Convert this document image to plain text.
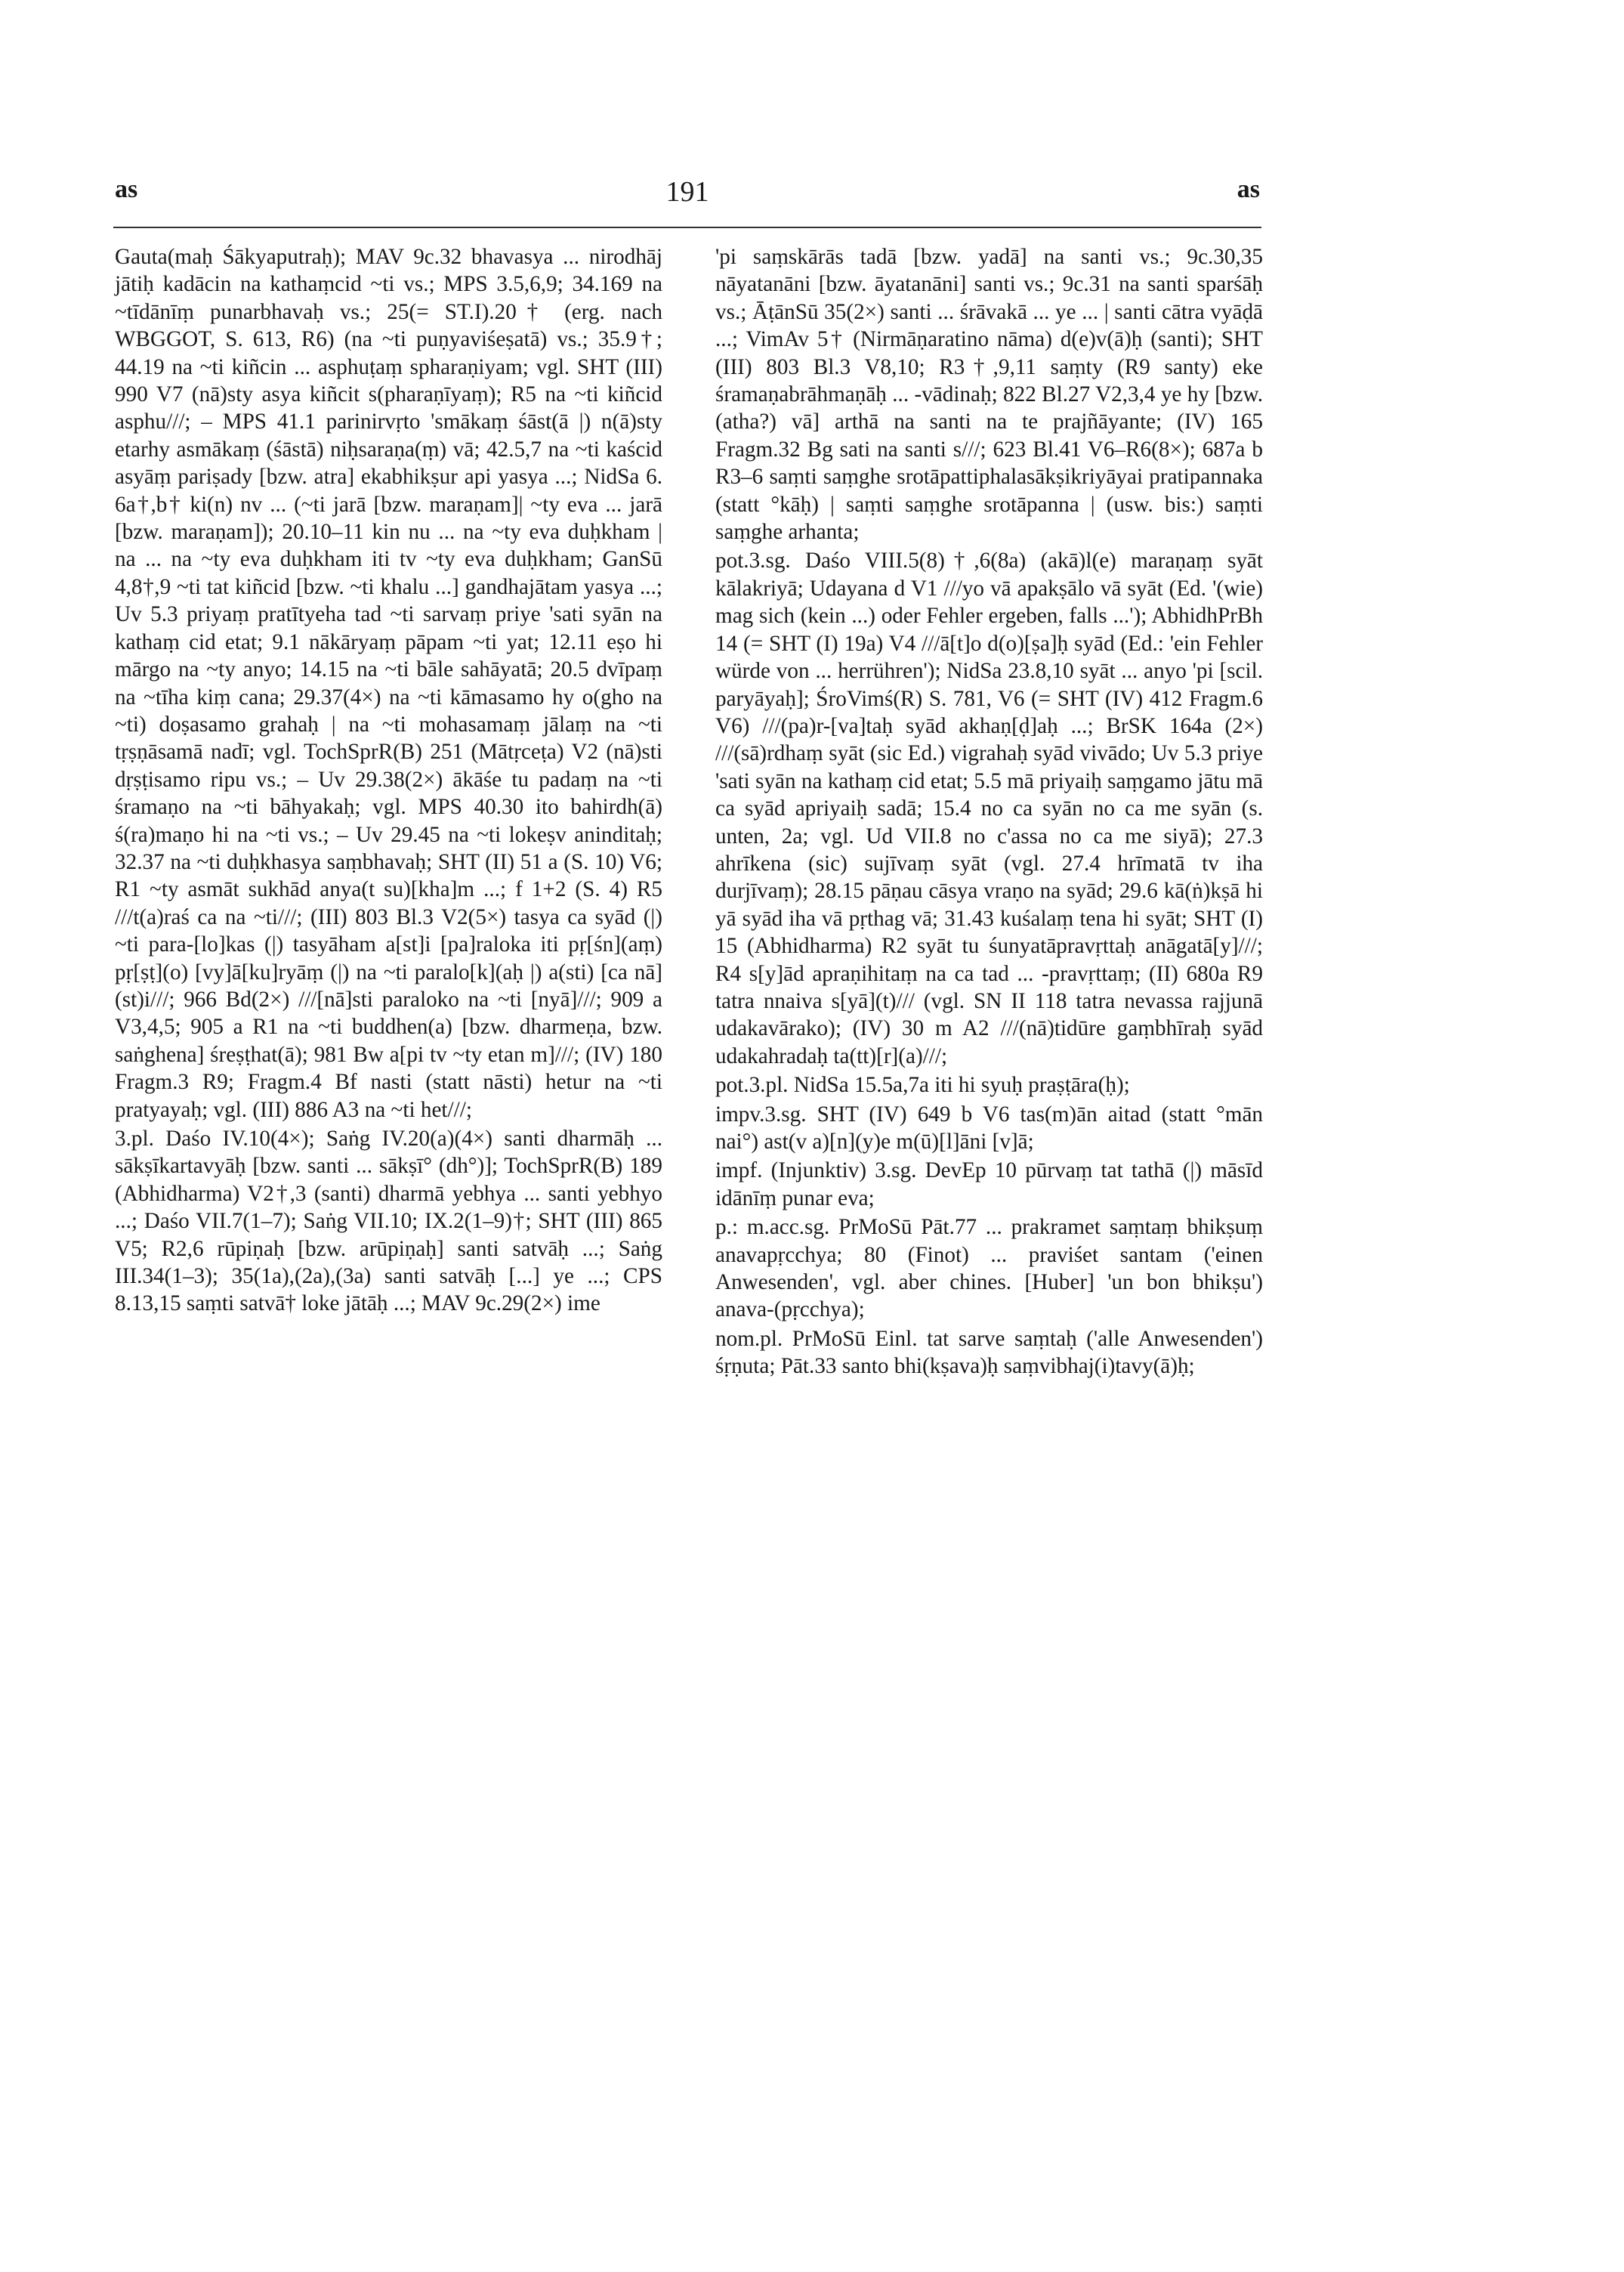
as	191	as

Gauta(maḥ Śākyaputraḥ); MAV 9c.32 bhavasya ... nirodhāj jātiḥ kadācin na kathaṃcid ~ti vs.; MPS 3.5,6,9; 34.169 na ~tīdānīṃ punarbhavaḥ vs.; 25(= ST.I).20† (erg. nach WBGGOT, S. 613, R6) (na ~ti puṇyaviśeṣatā) vs.; 35.9†; 44.19 na ~ti kiñcin ... asphuṭaṃ spharaṇiyam; vgl. SHT (III) 990 V7 (nā)sty asya kiñcit s(pharaṇīyaṃ); R5 na ~ti kiñcid asphu///; – MPS 41.1 parinirvṛto 'smākaṃ śāst(ā |) n(ā)sty etarhy asmākaṃ (śāstā) niḥsaraṇa(ṃ) vā; 42.5,7 na ~ti kaścid asyāṃ pariṣady [bzw. atra] ekabhikṣur api yasya ...; NidSa 6. 6a†,b† ki(n) nv ... (~ti jarā [bzw. maraṇam]| ~ty eva ... jarā [bzw. maraṇam]); 20.10–11 kin nu ... na ~ty eva duḥkham | na ... na ~ty eva duḥkham iti tv ~ty eva duḥkham; GanSū 4,8†,9 ~ti tat kiñcid [bzw. ~ti khalu ...] gandhajātam yasya ...; Uv 5.3 priyaṃ pratītyeha tad ~ti sarvaṃ priye 'sati syān na kathaṃ cid etat; 9.1 nākāryaṃ pāpam ~ti yat; 12.11 eṣo hi mārgo na ~ty anyo; 14.15 na ~ti bāle sahāyatā; 20.5 dvīpaṃ na ~tīha kiṃ cana; 29.37(4×) na ~ti kāmasamo hy o(gho na ~ti) doṣasamo grahaḥ | na ~ti mohasamaṃ jālaṃ na ~ti tṛṣṇāsamā nadī; vgl. TochSprR(B) 251 (Mātṛceṭa) V2 (nā)sti dṛṣṭisamo ripu vs.; – Uv 29.38(2×) ākāśe tu padaṃ na ~ti śramaṇo na ~ti bāhyakaḥ; vgl. MPS 40.30 ito bahirdh(ā) ś(ra)maṇo hi na ~ti vs.; – Uv 29.45 na ~ti lokeṣv aninditaḥ; 32.37 na ~ti duḥkhasya saṃbhavaḥ; SHT (II) 51 a (S. 10) V6; R1 ~ty asmāt sukhād anya(t su)[kha]m ...; f 1+2 (S. 4) R5 ///t(a)raś ca na ~ti///; (III) 803 Bl.3 V2(5×) tasya ca syād (|) ~ti para-[lo]kas (|) tasyāham a[st]i [pa]raloka iti pṛ[śn](aṃ) pṛ[ṣṭ](o) [vy]ā[ku]ryāṃ (|) na ~ti paralo[k](aḥ |) a(sti) [ca nā](st)i///; 966 Bd(2×) ///[nā]sti paraloko na ~ti [nyā]///; 909 a V3,4,5; 905 a R1 na ~ti buddhen(a) [bzw. dharmeṇa, bzw. saṅghena] śreṣṭhat(ā); 981 Bw a[pi tv ~ty etan m]///; (IV) 180 Fragm.3 R9; Fragm.4 Bf nasti (statt nāsti) hetur na ~ti pratyayaḥ; vgl. (III) 886 A3 na ~ti het///;

3.pl. Daśo IV.10(4×); Saṅg IV.20(a)(4×) santi dharmāḥ ... sākṣīkartavyāḥ [bzw. santi ... sākṣī° (dh°)]; TochSprR(B) 189 (Abhidharma) V2†,3 (santi) dharmā yebhya ... santi yebhyo ...; Daśo VII.7(1–7); Saṅg VII.10; IX.2(1–9)†; SHT (III) 865 V5; R2,6 rūpiṇaḥ [bzw. arūpiṇaḥ] santi satvāḥ ...; Saṅg III.34(1–3); 35(1a),(2a),(3a) santi satvāḥ [...] ye ...; CPS 8.13,15 saṃti satvā† loke jātāḥ ...; MAV 9c.29(2×) ime

'pi saṃskārās tadā [bzw. yadā] na santi vs.; 9c.30,35 nāyatanāni [bzw. āyatanāni] santi vs.; 9c.31 na santi sparśāḥ vs.; ĀṭānSū 35(2×) santi ... śrāvakā ... ye ... | santi cātra vyāḍā ...; VimAv 5† (Nirmāṇaratino nāma) d(e)v(ā)ḥ (santi); SHT (III) 803 Bl.3 V8,10; R3†,9,11 saṃty (R9 santy) eke śramaṇabrāhmaṇāḥ ... -vādinaḥ; 822 Bl.27 V2,3,4 ye hy [bzw. (atha?) vā] arthā na santi na te prajñāyante; (IV) 165 Fragm.32 Bg sati na santi s///; 623 Bl.41 V6–R6(8×); 687a b R3–6 saṃti saṃghe srotāpattiphalasākṣikriyāyai pratipannaka (statt °kāḥ) | saṃti saṃghe srotāpanna | (usw. bis:) saṃti saṃghe arhanta;

pot.3.sg. Daśo VIII.5(8)†,6(8a) (akā)l(e) maraṇaṃ syāt kālakriyā; Udayana d V1 ///yo vā apakṣālo vā syāt (Ed. '(wie) mag sich (kein ...) oder Fehler ergeben, falls ...'); AbhidhPrBh 14 (= SHT (I) 19a) V4 ///ā[t]o d(o)[ṣa]ḥ syād (Ed.: 'ein Fehler würde von ... herrühren'); NidSa 23.8,10 syāt ... anyo 'pi [scil. paryāyaḥ]; ŚroVimś(R) S. 781, V6 (= SHT (IV) 412 Fragm.6 V6) ///(pa)r-[va]taḥ syād akhaṇ[ḍ]aḥ ...; BrSK 164a (2×) ///(sā)rdhaṃ syāt (sic Ed.) vigrahaḥ syād vivādo; Uv 5.3 priye 'sati syān na kathaṃ cid etat; 5.5 mā priyaiḥ saṃgamo jātu mā ca syād apriyaiḥ sadā; 15.4 no ca syān no ca me syān (s. unten, 2a; vgl. Ud VII.8 no c'assa no ca me siyā); 27.3 ahrīkena (sic) sujīvaṃ syāt (vgl. 27.4 hrīmatā tv iha durjīvaṃ); 28.15 pāṇau cāsya vraṇo na syād; 29.6 kā(ṅ)kṣā hi yā syād iha vā pṛthag vā; 31.43 kuśalaṃ tena hi syāt; SHT (I) 15 (Abhidharma) R2 syāt tu śunyatāpravṛttaḥ anāgatā[y]///; R4 s[y]ād apraṇihitaṃ na ca tad ... -pravṛttaṃ; (II) 680a R9 tatra nnaiva s[yā](t)/// (vgl. SN II 118 tatra nevassa rajjunā udakavārako); (IV) 30 m A2 ///(nā)tidūre gaṃbhīraḥ syād udakahradaḥ ta(tt)[r](a)///;

pot.3.pl. NidSa 15.5a,7a iti hi syuḥ praṣṭāra(ḥ);

impv.3.sg. SHT (IV) 649 b V6 tas(m)ān aitad (statt °mān nai°) ast(v a)[n](y)e m(ū)[l]āni [v]ā;

impf. (Injunktiv) 3.sg. DevEp 10 pūrvaṃ tat tathā (|) māsīd idānīṃ punar eva;

p.: m.acc.sg. PrMoSū Pāt.77 ... prakramet saṃtaṃ bhikṣuṃ anavapṛcchya; 80 (Finot) ... praviśet santam ('einen Anwesenden', vgl. aber chines. [Huber] 'un bon bhikṣu') anava-(pṛcchya);

nom.pl. PrMoSū Einl. tat sarve saṃtaḥ ('alle Anwesenden') śṛṇuta; Pāt.33 santo bhi(kṣava)ḥ saṃvibhaj(i)tavy(ā)ḥ;
